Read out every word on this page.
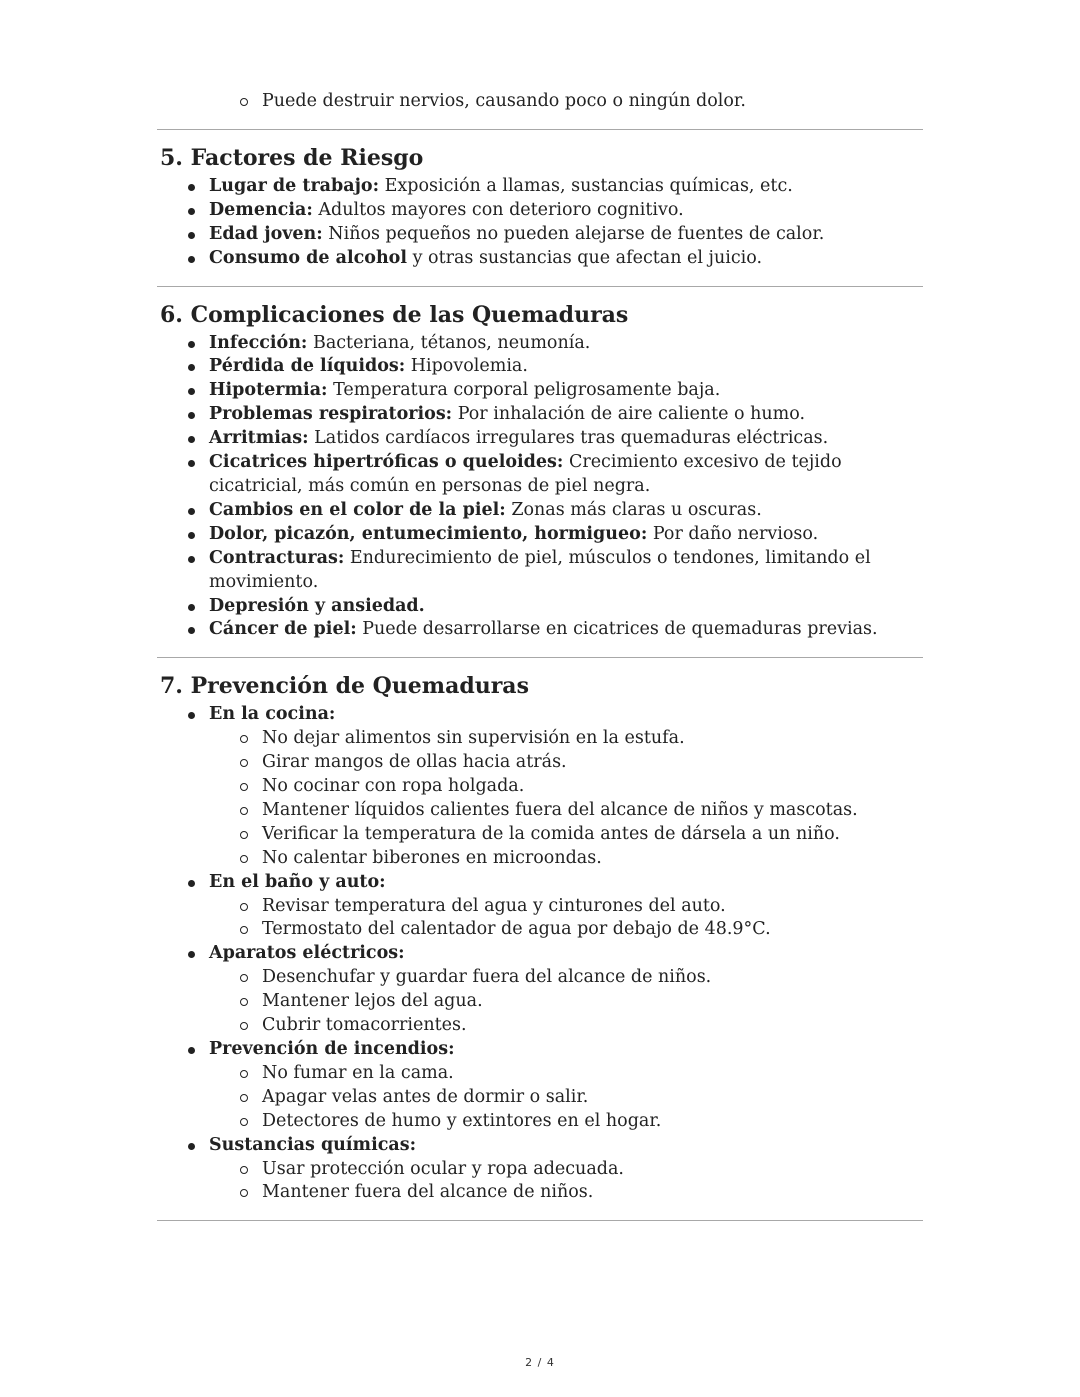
Puede destruir nervios, causando poco o ningún dolor.
5. Factores de Riesgo
Lugar de trabajo: Exposición a llamas, sustancias químicas, etc.
Demencia: Adultos mayores con deterioro cognitivo.
Edad joven: Niños pequeños no pueden alejarse de fuentes de calor.
Consumo de alcohol y otras sustancias que afectan el juicio.
6. Complicaciones de las Quemaduras
Infección: Bacteriana, tétanos, neumonía.
Pérdida de líquidos: Hipovolemia.
Hipotermia: Temperatura corporal peligrosamente baja.
Problemas respiratorios: Por inhalación de aire caliente o humo.
Arritmias: Latidos cardíacos irregulares tras quemaduras eléctricas.
Cicatrices hipertróficas o queloides: Crecimiento excesivo de tejido cicatricial, más común en personas de piel negra.
Cambios en el color de la piel: Zonas más claras u oscuras.
Dolor, picazón, entumecimiento, hormigueo: Por daño nervioso.
Contracturas: Endurecimiento de piel, músculos o tendones, limitando el movimiento.
Depresión y ansiedad.
Cáncer de piel: Puede desarrollarse en cicatrices de quemaduras previas.
7. Prevención de Quemaduras
En la cocina:
No dejar alimentos sin supervisión en la estufa.
Girar mangos de ollas hacia atrás.
No cocinar con ropa holgada.
Mantener líquidos calientes fuera del alcance de niños y mascotas.
Verificar la temperatura de la comida antes de dársela a un niño.
No calentar biberones en microondas.
En el baño y auto:
Revisar temperatura del agua y cinturones del auto.
Termostato del calentador de agua por debajo de 48.9°C.
Aparatos eléctricos:
Desenchufar y guardar fuera del alcance de niños.
Mantener lejos del agua.
Cubrir tomacorrientes.
Prevención de incendios:
No fumar en la cama.
Apagar velas antes de dormir o salir.
Detectores de humo y extintores en el hogar.
Sustancias químicas:
Usar protección ocular y ropa adecuada.
Mantener fuera del alcance de niños.
2 / 4
